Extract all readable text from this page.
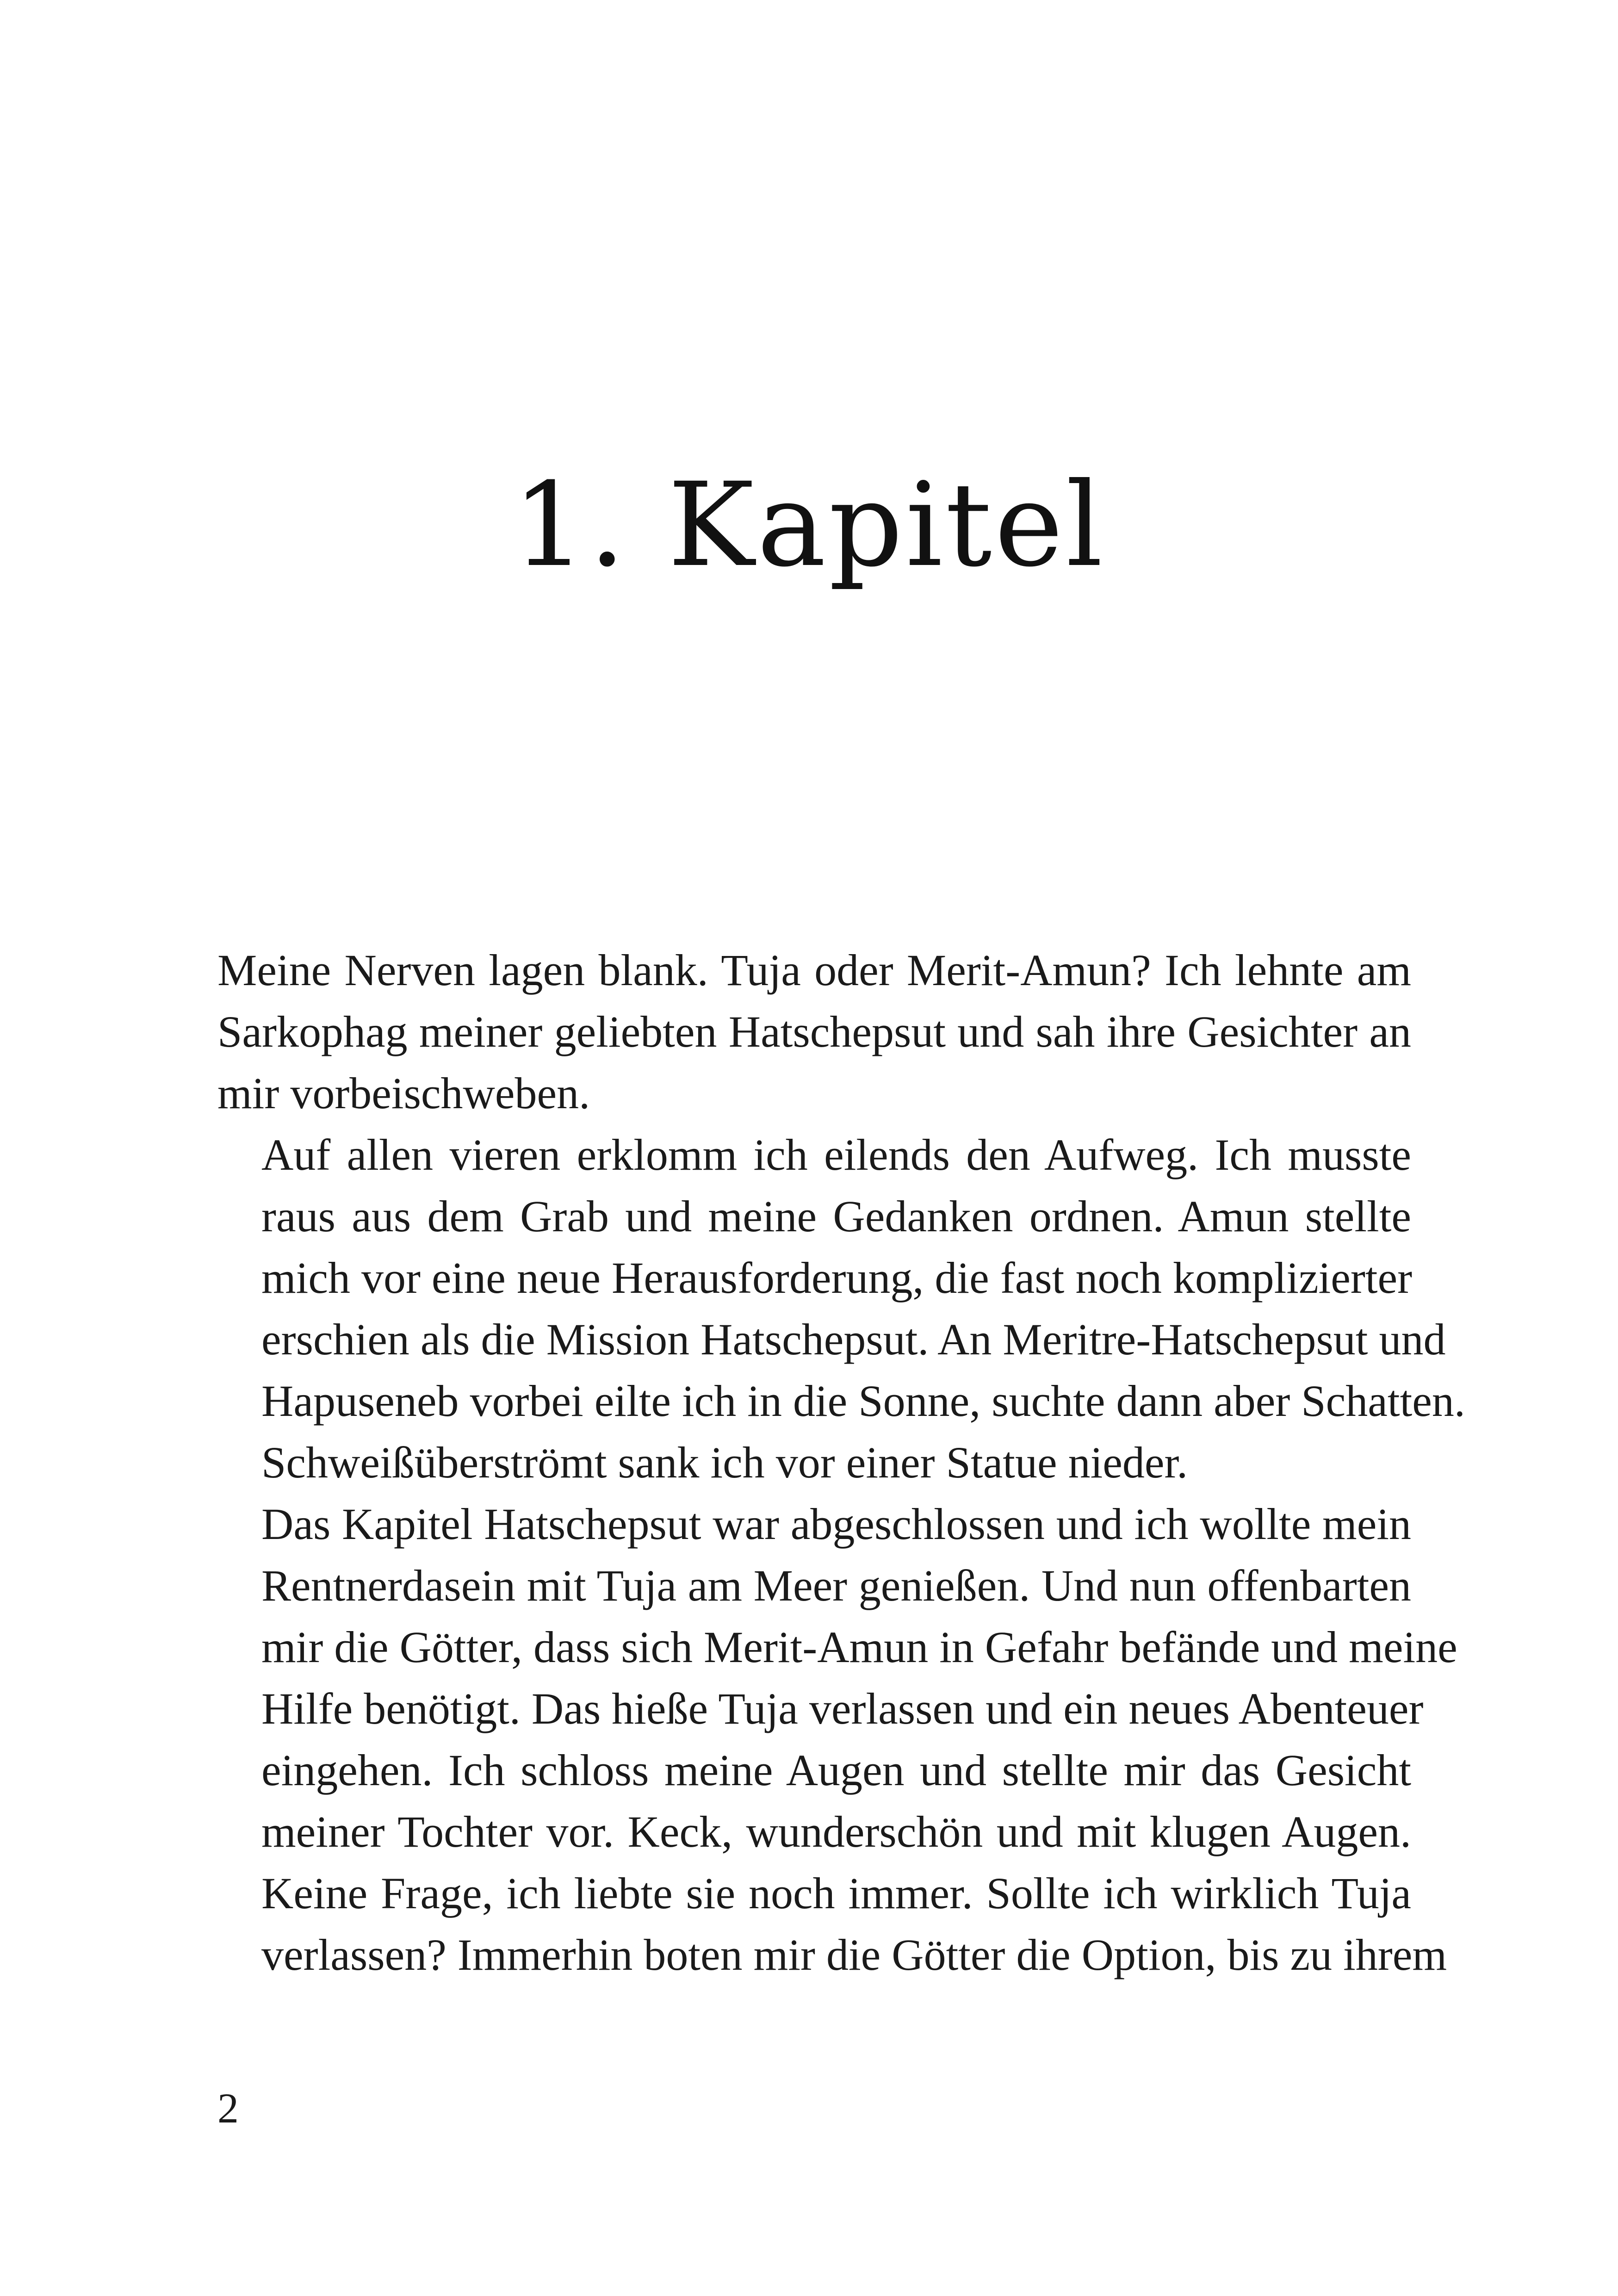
1. Kapitel

Meine Nerven lagen blank. Tuja oder Merit-Amun? Ich lehnte am
Sarkophag meiner geliebten Hatschepsut und sah ihre Gesichter an
mir vorbeischweben.

Auf allen vieren erklomm ich eilends den Aufweg. Ich musste
raus aus dem Grab und meine Gedanken ordnen. Amun stellte
mich vor eine neue Herausforderung, die fast noch komplizierter
erschien als die Mission Hatschepsut. An Meritre-Hatschepsut und
Hapuseneb vorbei eilte ich in die Sonne, suchte dann aber Schatten.
Schweißüberströmt sank ich vor einer Statue nieder.

Das Kapitel Hatschepsut war abgeschlossen und ich wollte mein
Rentnerdasein mit Tuja am Meer genießen. Und nun offenbarten
mir die Götter, dass sich Merit-Amun in Gefahr befände und meine
Hilfe benötigt. Das hieße Tuja verlassen und ein neues Abenteuer
eingehen. Ich schloss meine Augen und stellte mir das Gesicht
meiner Tochter vor. Keck, wunderschön und mit klugen Augen.
Keine Frage, ich liebte sie noch immer. Sollte ich wirklich Tuja
verlassen? Immerhin boten mir die Götter die Option, bis zu ihrem

2
